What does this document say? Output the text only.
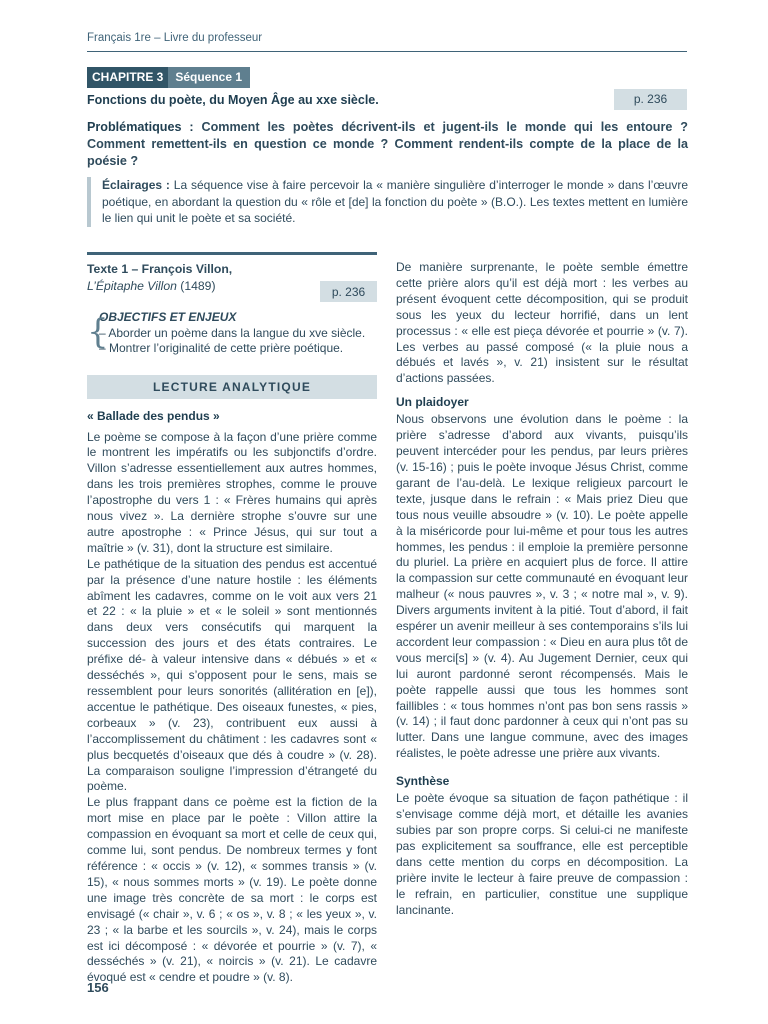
Français 1re – Livre du professeur
CHAPITRE 3	Séquence 1
Fonctions du poète, du Moyen Âge au xxe siècle.	p. 236
Problématiques : Comment les poètes décrivent-ils et jugent-ils le monde qui les entoure ? Comment remettent-ils en question ce monde ? Comment rendent-ils compte de la place de la poésie ?
Éclairages : La séquence vise à faire percevoir la « manière singulière d’interroger le monde » dans l’œuvre poétique, en abordant la question du « rôle et [de] la fonction du poète » (B.O.). Les textes mettent en lumière le lien qui unit le poète et sa société.
Texte 1 – François Villon,
L’Épitaphe Villon (1489)	p. 236
{
OBJECTIFS ET ENJEUX
– Aborder un poème dans la langue du xve siècle.
– Montrer l’originalité de cette prière poétique.
LECTURE ANALYTIQUE
« Ballade des pendus »

Le poème se compose à la façon d’une prière comme le montrent les impératifs ou les subjonctifs d’ordre. Villon s’adresse essentiellement aux autres hommes, dans les trois premières strophes, comme le prouve l’apostrophe du vers 1 : « Frères humains qui après nous vivez ». La dernière strophe s’ouvre sur une autre apostrophe : « Prince Jésus, qui sur tout a maîtrie » (v. 31), dont la structure est similaire.

Le pathétique de la situation des pendus est accentué par la présence d’une nature hostile : les éléments abîment les cadavres, comme on le voit aux vers 21 et 22 : « la pluie » et « le soleil » sont mentionnés dans deux vers consécutifs qui marquent la succession des jours et des états contraires. Le préfixe dé- à valeur intensive dans « débués » et « desséchés », qui s’opposent pour le sens, mais se ressemblent pour leurs sonorités (allitération en [e]), accentue le pathétique. Des oiseaux funestes, « pies, corbeaux » (v. 23), contribuent eux aussi à l’accomplissement du châtiment : les cadavres sont « plus becquetés d’oiseaux que dés à coudre » (v. 28). La comparaison souligne l’impression d’étrangeté du poème.

Le plus frappant dans ce poème est la fiction de la mort mise en place par le poète : Villon attire la compassion en évoquant sa mort et celle de ceux qui, comme lui, sont pendus. De nombreux termes y font référence : « occis » (v. 12), « sommes transis » (v. 15), « nous sommes morts » (v. 19). Le poète donne une image très concrète de sa mort : le corps est envisagé (« chair », v. 6 ; « os », v. 8 ; « les yeux », v. 23 ; « la barbe et les sourcils », v. 24), mais le corps est ici décomposé : « dévorée et pourrie » (v. 7), « desséchés » (v. 21), « noircis » (v. 21). Le cadavre évoqué est « cendre et poudre » (v. 8).

De manière surprenante, le poète semble émettre cette prière alors qu’il est déjà mort : les verbes au présent évoquent cette décomposition, qui se produit sous les yeux du lecteur horrifié, dans un lent processus : « elle est pieça dévorée et pourrie » (v. 7). Les verbes au passé composé (« la pluie nous a débués et lavés », v. 21) insistent sur le résultat d’actions passées.

Un plaidoyer

Nous observons une évolution dans le poème : la prière s’adresse d’abord aux vivants, puisqu’ils peuvent intercéder pour les pendus, par leurs prières (v. 15-16) ; puis le poète invoque Jésus Christ, comme garant de l’au-delà. Le lexique religieux parcourt le texte, jusque dans le refrain : « Mais priez Dieu que tous nous veuille absoudre » (v. 10). Le poète appelle à la miséricorde pour lui-même et pour tous les autres hommes, les pendus : il emploie la première personne du pluriel. La prière en acquiert plus de force. Il attire la compassion sur cette communauté en évoquant leur malheur (« nous pauvres », v. 3 ; « notre mal », v. 9). Divers arguments invitent à la pitié. Tout d’abord, il fait espérer un avenir meilleur à ses contemporains s’ils lui accordent leur compassion : « Dieu en aura plus tôt de vous merci[s] » (v. 4). Au Jugement Dernier, ceux qui lui auront pardonné seront récompensés. Mais le poète rappelle aussi que tous les hommes sont faillibles : « tous hommes n’ont pas bon sens rassis » (v. 14) ; il faut donc pardonner à ceux qui n’ont pas su lutter. Dans une langue commune, avec des images réalistes, le poète adresse une prière aux vivants.

Synthèse

Le poète évoque sa situation de façon pathétique : il s’envisage comme déjà mort, et détaille les avanies subies par son propre corps. Si celui-ci ne manifeste pas explicitement sa souffrance, elle est perceptible dans cette mention du corps en décomposition. La prière invite le lecteur à faire preuve de compassion : le refrain, en particulier, constitue une supplique lancinante.

156
